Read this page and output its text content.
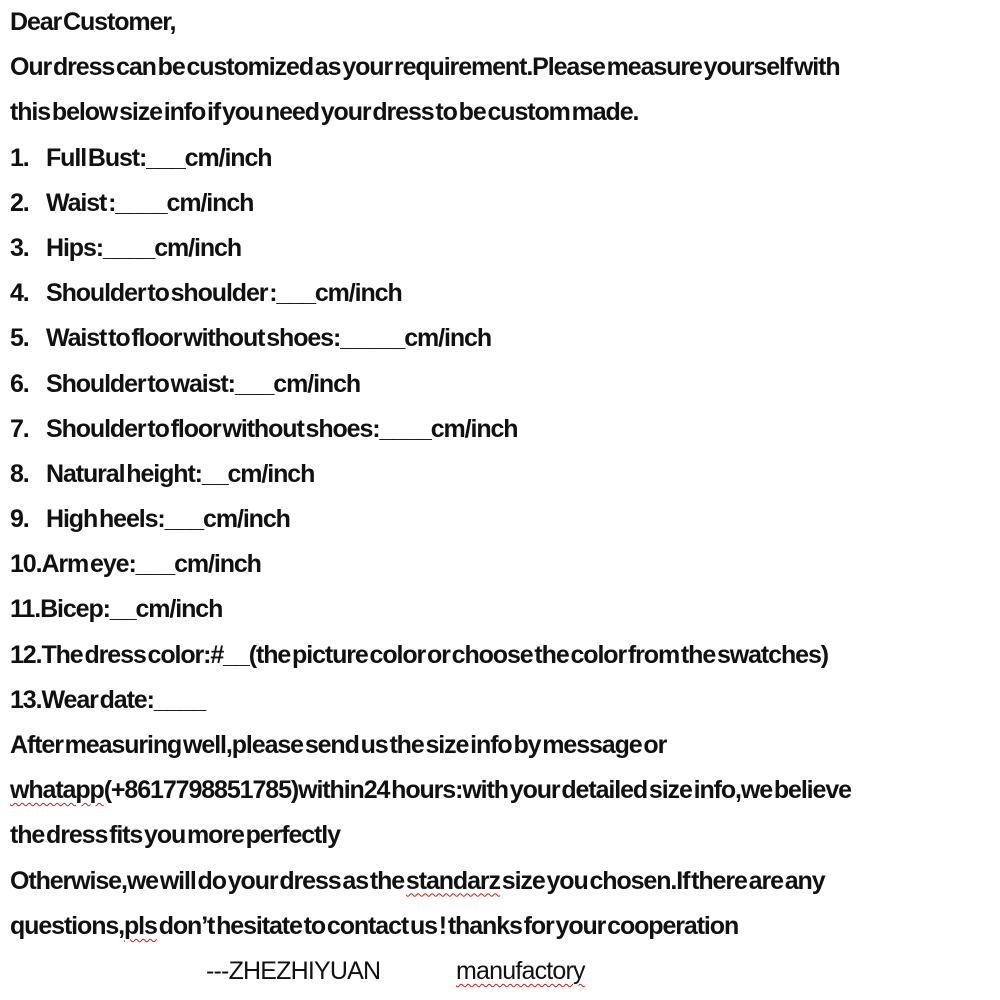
Dear Customer,
Our dress can be customized as your requirement.Please measure yourself with
this below size info if you need your dress to be custom made.
1. Full Bust:___cm/inch
2. Waist :____cm/inch
3. Hips:____cm/inch
4. Shoulder to shoulder :___cm/inch
5. Waist to floor without shoes:_____cm/inch
6. Shoulder to waist:___cm/inch
7. Shoulder to floor without shoes:____cm/inch
8. Natural height:__cm/inch
9. High heels:___cm/inch
10.Arm eye:___cm/inch
11.Bicep:__cm/inch
12.The dress color:#__(the picture color or choose the color from the swatches)
13.Wear date:____
After measuring well,please send us the size info by message or
whatapp(+8617798851785)within24 hours:with your detailed size info,we believe
the dress fits you more perfectly
Otherwise,we will do your dress as the standarz size you chosen.If there are any
questions,pls don’t hesitate to contact us ! thanks for your cooperation
---ZHEZHIYUAN	manufactory
